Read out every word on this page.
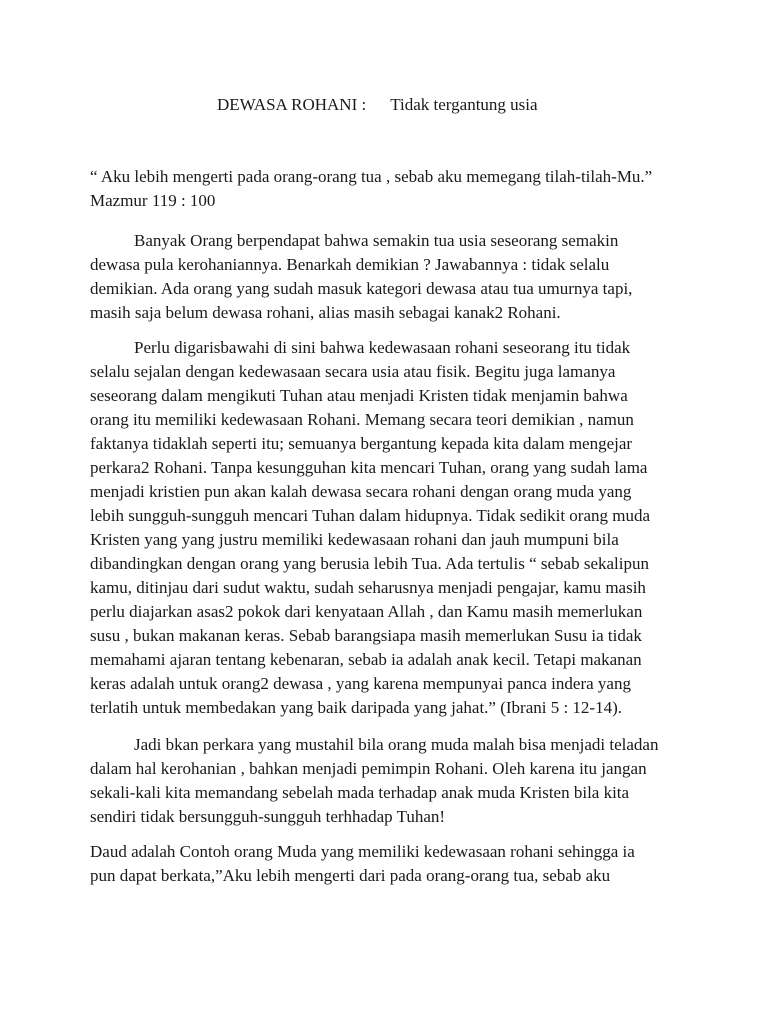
DEWASA ROHANI : Tidak tergantung usia
“ Aku lebih mengerti pada orang-orang tua , sebab aku memegang tilah-tilah-Mu.”
Mazmur 119 : 100
Banyak Orang berpendapat bahwa semakin tua usia seseorang semakin
dewasa pula kerohaniannya. Benarkah demikian ? Jawabannya : tidak selalu
demikian. Ada orang yang sudah masuk kategori dewasa atau tua umurnya tapi,
masih saja belum dewasa rohani, alias masih sebagai kanak2 Rohani.
Perlu digarisbawahi di sini bahwa kedewasaan rohani seseorang itu tidak
selalu sejalan dengan kedewasaan secara usia atau fisik. Begitu juga lamanya
seseorang dalam mengikuti Tuhan atau menjadi Kristen tidak menjamin bahwa
orang itu memiliki kedewasaan Rohani. Memang secara teori demikian , namun
faktanya tidaklah seperti itu; semuanya bergantung kepada kita dalam mengejar
perkara2 Rohani. Tanpa kesungguhan kita mencari Tuhan, orang yang sudah lama
menjadi kristien pun akan kalah dewasa secara rohani dengan orang muda yang
lebih sungguh-sungguh mencari Tuhan dalam hidupnya. Tidak sedikit orang muda
Kristen yang yang justru memiliki kedewasaan rohani dan jauh mumpuni bila
dibandingkan dengan orang yang berusia lebih Tua. Ada tertulis “ sebab sekalipun
kamu, ditinjau dari sudut waktu, sudah seharusnya menjadi pengajar, kamu masih
perlu diajarkan asas2 pokok dari kenyataan Allah , dan Kamu masih memerlukan
susu , bukan makanan keras. Sebab barangsiapa masih memerlukan Susu ia tidak
memahami ajaran tentang kebenaran, sebab ia adalah anak kecil. Tetapi makanan
keras adalah untuk orang2 dewasa , yang karena mempunyai panca indera yang
terlatih untuk membedakan yang baik daripada yang jahat.” (Ibrani 5 : 12-14).
Jadi bkan perkara yang mustahil bila orang muda malah bisa menjadi teladan
dalam hal kerohanian , bahkan menjadi pemimpin Rohani. Oleh karena itu jangan
sekali-kali kita memandang sebelah mada terhadap anak muda Kristen bila kita
sendiri tidak bersungguh-sungguh terhhadap Tuhan!
Daud adalah Contoh orang Muda yang memiliki kedewasaan rohani sehingga ia
pun dapat berkata,”Aku lebih mengerti dari pada orang-orang tua, sebab aku
